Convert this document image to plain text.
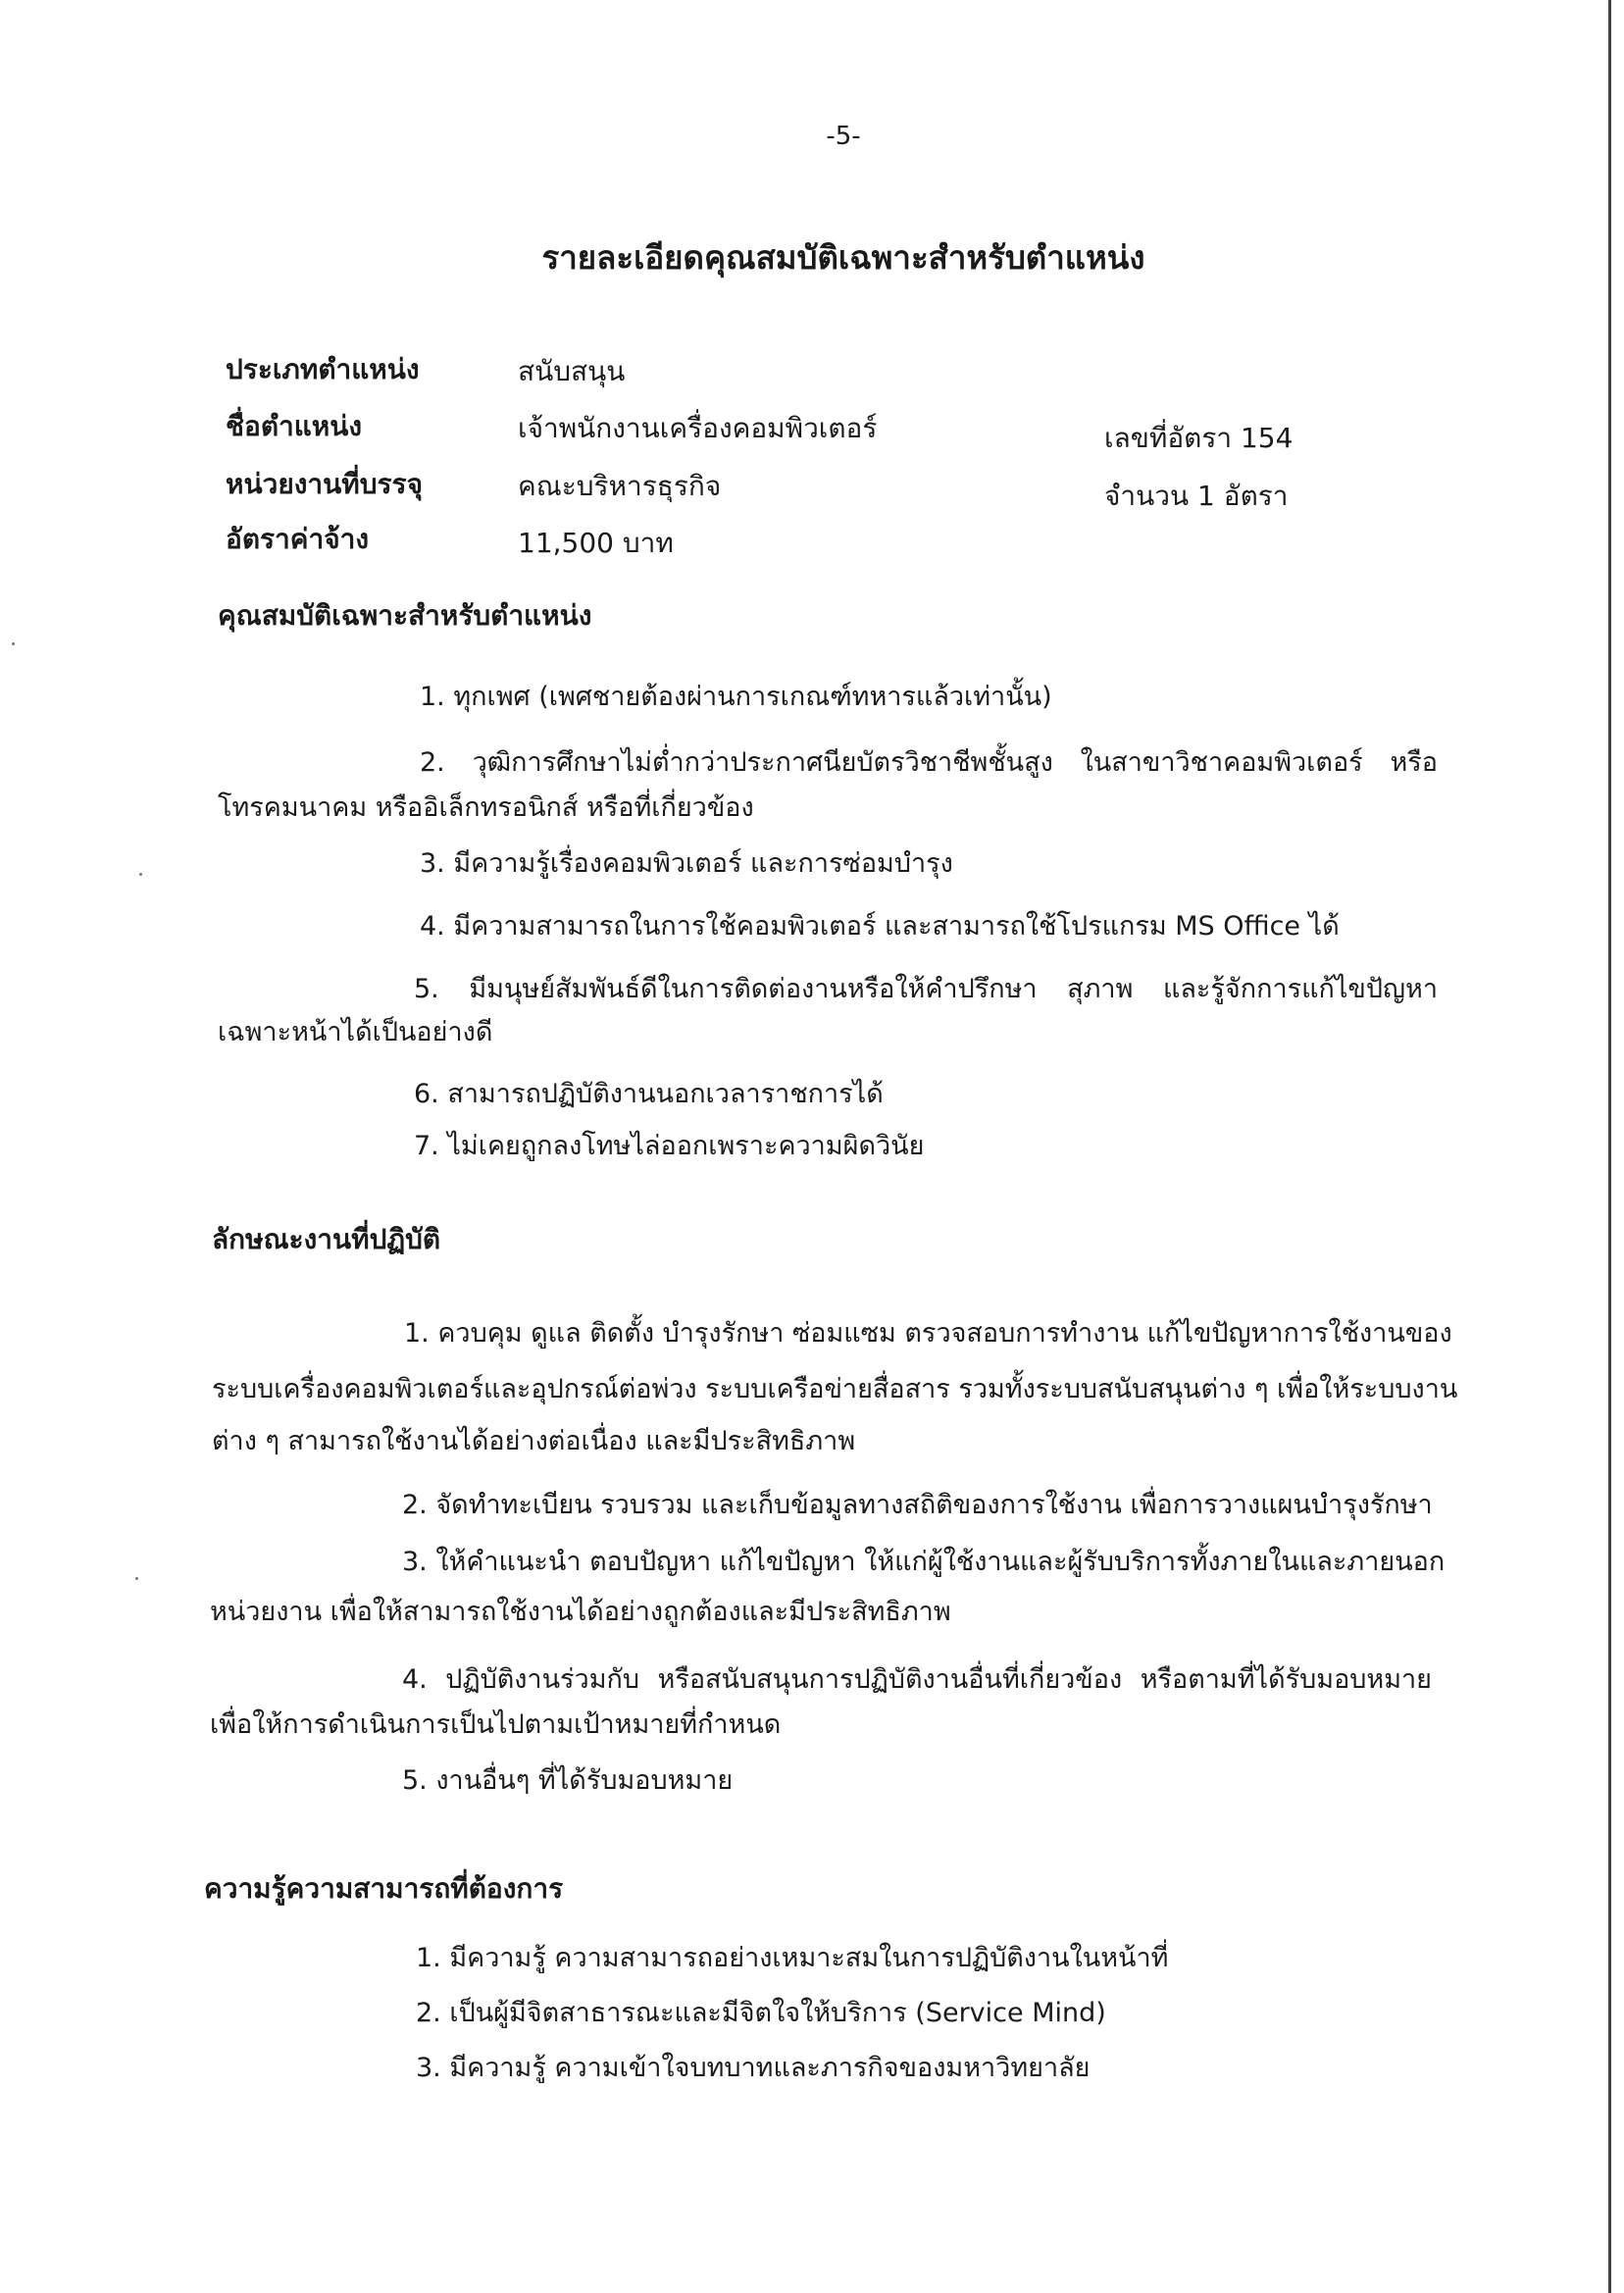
-5-
รายละเอียดคุณสมบัติเฉพาะสำหรับตำแหน่ง
ประเภทตำแหน่ง	สนับสนุน
ชื่อตำแหน่ง	เจ้าพนักงานเครื่องคอมพิวเตอร์	เลขที่อัตรา 154
หน่วยงานที่บรรจุ	คณะบริหารธุรกิจ	จำนวน 1 อัตรา
อัตราค่าจ้าง	11,500 บาท
คุณสมบัติเฉพาะสำหรับตำแหน่ง
1. ทุกเพศ (เพศชายต้องผ่านการเกณฑ์ทหารแล้วเท่านั้น)
2. วุฒิการศึกษาไม่ต่ำกว่าประกาศนียบัตรวิชาชีพชั้นสูง ในสาขาวิชาคอมพิวเตอร์ หรือ
โทรคมนาคม หรืออิเล็กทรอนิกส์ หรือที่เกี่ยวข้อง
3. มีความรู้เรื่องคอมพิวเตอร์ และการซ่อมบำรุง
4. มีความสามารถในการใช้คอมพิวเตอร์ และสามารถใช้โปรแกรม MS Office ได้
5. มีมนุษย์สัมพันธ์ดีในการติดต่องานหรือให้คำปรึกษา สุภาพ และรู้จักการแก้ไขปัญหา
เฉพาะหน้าได้เป็นอย่างดี
6. สามารถปฏิบัติงานนอกเวลาราชการได้
7. ไม่เคยถูกลงโทษไล่ออกเพราะความผิดวินัย
ลักษณะงานที่ปฏิบัติ
1. ควบคุม ดูแล ติดตั้ง บำรุงรักษา ซ่อมแซม ตรวจสอบการทำงาน แก้ไขปัญหาการใช้งานของ
ระบบเครื่องคอมพิวเตอร์และอุปกรณ์ต่อพ่วง ระบบเครือข่ายสื่อสาร รวมทั้งระบบสนับสนุนต่าง ๆ เพื่อให้ระบบงาน
ต่าง ๆ สามารถใช้งานได้อย่างต่อเนื่อง และมีประสิทธิภาพ
2. จัดทำทะเบียน รวบรวม และเก็บข้อมูลทางสถิติของการใช้งาน เพื่อการวางแผนบำรุงรักษา
3. ให้คำแนะนำ ตอบปัญหา แก้ไขปัญหา ให้แก่ผู้ใช้งานและผู้รับบริการทั้งภายในและภายนอก
หน่วยงาน เพื่อให้สามารถใช้งานได้อย่างถูกต้องและมีประสิทธิภาพ
4. ปฏิบัติงานร่วมกับ หรือสนับสนุนการปฏิบัติงานอื่นที่เกี่ยวข้อง หรือตามที่ได้รับมอบหมาย
เพื่อให้การดำเนินการเป็นไปตามเป้าหมายที่กำหนด
5. งานอื่นๆ ที่ได้รับมอบหมาย
ความรู้ความสามารถที่ต้องการ
1. มีความรู้ ความสามารถอย่างเหมาะสมในการปฏิบัติงานในหน้าที่
2. เป็นผู้มีจิตสาธารณะและมีจิตใจให้บริการ (Service Mind)
3. มีความรู้ ความเข้าใจบทบาทและภารกิจของมหาวิทยาลัย
